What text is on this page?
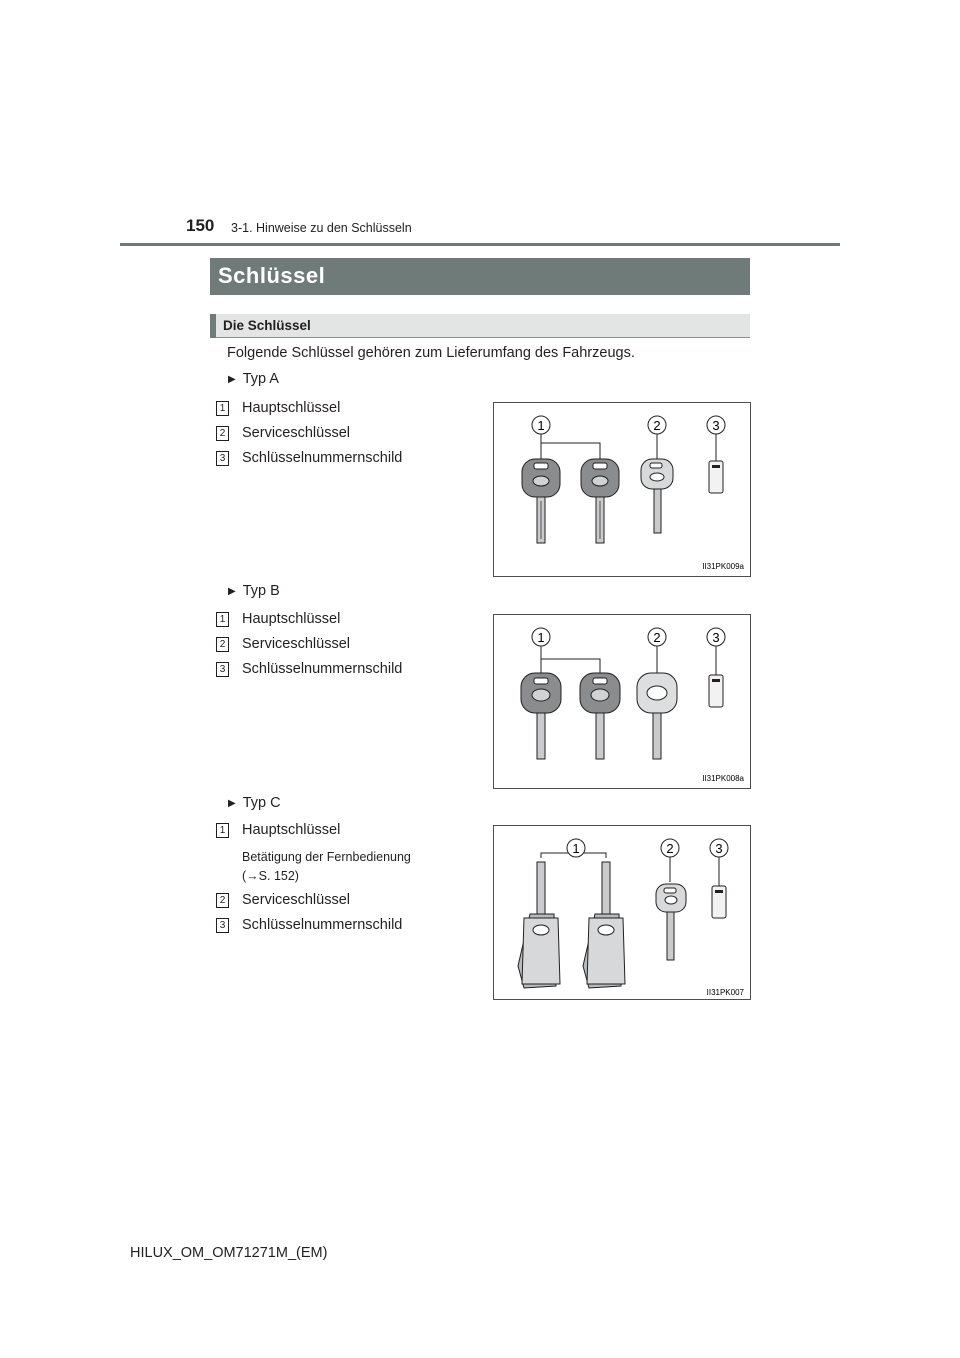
150 3-1. Hinweise zu den Schlüsseln
Schlüssel
Die Schlüssel
Folgende Schlüssel gehören zum Lieferumfang des Fahrzeugs.
▶ Typ A
1 Hauptschlüssel
2 Serviceschlüssel
3 Schlüsselnummernschild
1	2	3
II31PK009a
▶ Typ B
1 Hauptschlüssel
2 Serviceschlüssel
3 Schlüsselnummernschild
1	2	3
II31PK008a
▶ Typ C
1 Hauptschlüssel
Betätigung der Fernbedienung
(→S. 152)
2 Serviceschlüssel
3 Schlüsselnummernschild
1	2	3
II31PK007
HILUX_OM_OM71271M_(EM)
